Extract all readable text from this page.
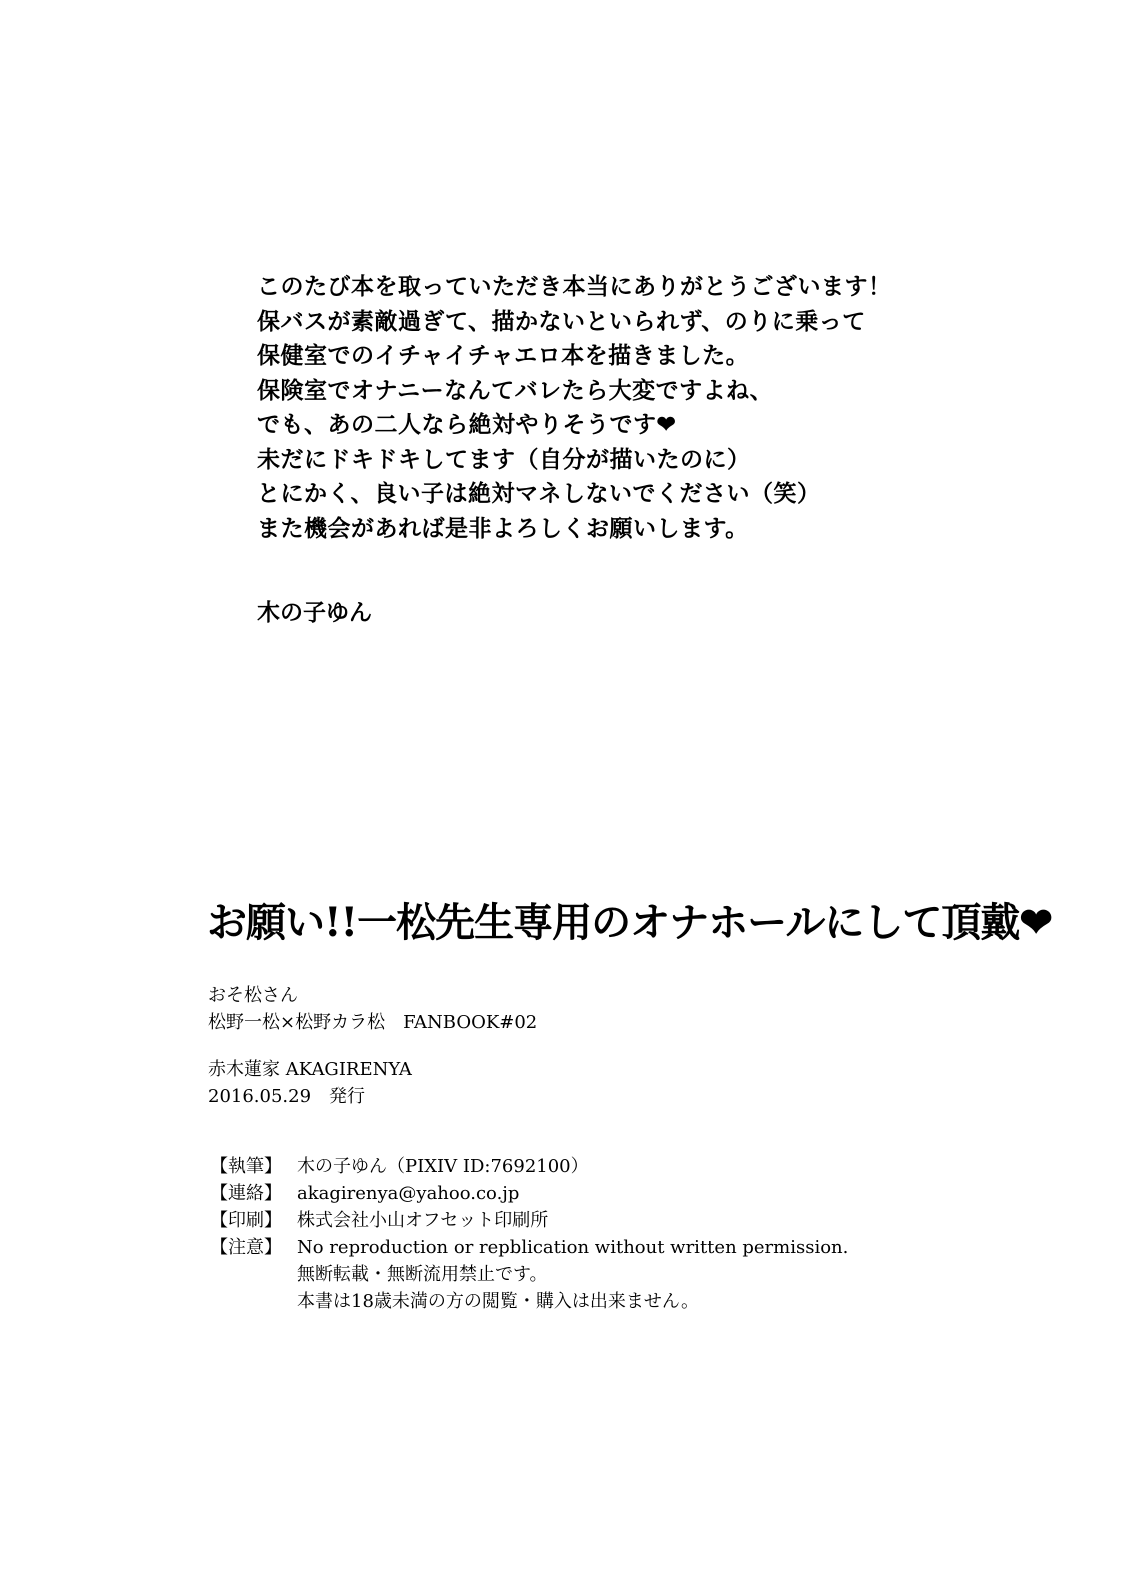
このたび本を取っていただき本当にありがとうございます！
保バスが素敵過ぎて、描かないといられず、のりに乗って
保健室でのイチャイチャエロ本を描きました。
保険室でオナニーなんてバレたら大変ですよね、
でも、あの二人なら絶対やりそうです❤
未だにドキドキしてます（自分が描いたのに）
とにかく、良い子は絶対マネしないでください（笑）
また機会があれば是非よろしくお願いします。
木の子ゆん
お願い!!一松先生専用のオナホールにして頂戴❤
おそ松さん
松野一松×松野カラ松　FANBOOK#02
赤木蓮家 AKAGIRENYA
2016.05.29　発行
【執筆】 木の子ゆん（PIXIV ID:7692100）
【連絡】 akagirenya@yahoo.co.jp
【印刷】 株式会社小山オフセット印刷所
【注意】 No reproduction or repblication without written permission.
無断転載・無断流用禁止です。
本書は18歳未満の方の閲覧・購入は出来ません。
